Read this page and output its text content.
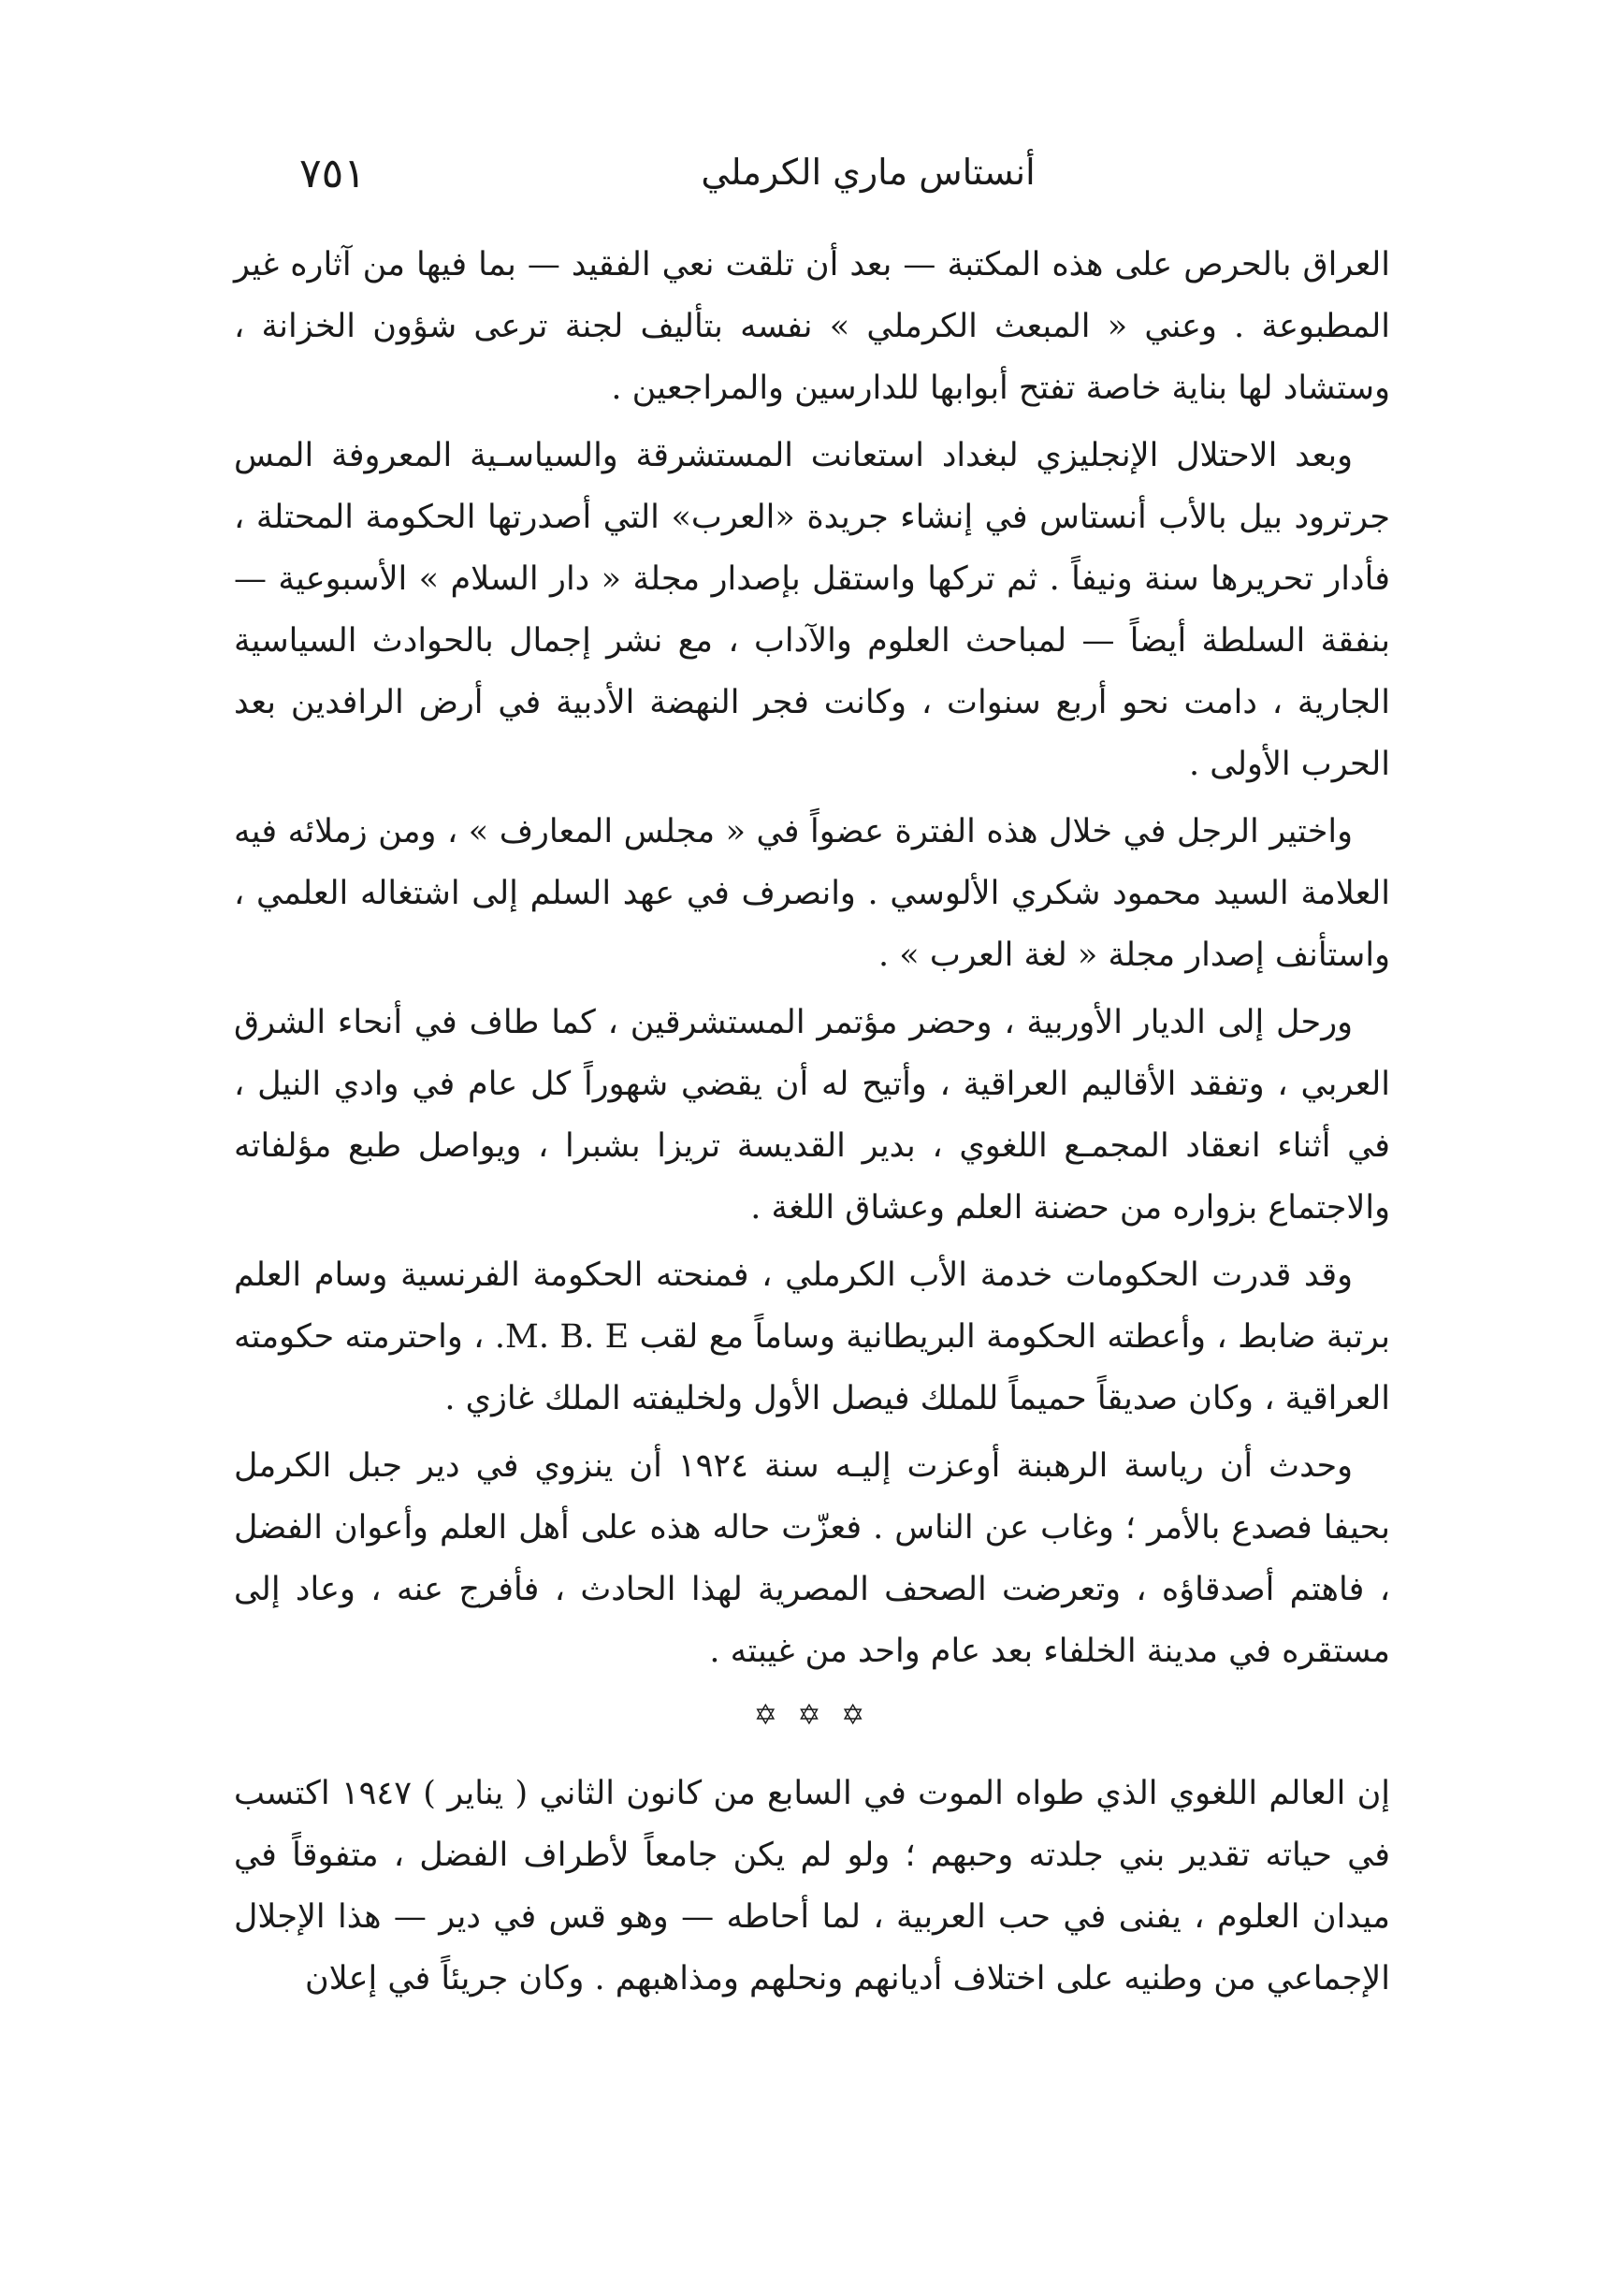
أنستاس ماري الكرملي
٧٥١

العراق بالحرص على هذه المكتبة — بعد أن تلقت نعي الفقيد — بما فيها من آثاره غير المطبوعة . وعني « المبعث الكرملي » نفسه بتأليف لجنة ترعى شؤون الخزانة ، وستشاد لها بناية خاصة تفتح أبوابها للدارسين والمراجعين .

وبعد الاحتلال الإنجليزي لبغداد استعانت المستشرقة والسياسـية المعروفة المس جرترود بيل بالأب أنستاس في إنشاء جريدة «العرب» التي أصدرتها الحكومة المحتلة ، فأدار تحريرها سنة ونيفاً . ثم تركها واستقل بإصدار مجلة « دار السلام » الأسبوعية — بنفقة السلطة أيضاً — لمباحث العلوم والآداب ، مع نشر إجمال بالحوادث السياسية الجارية ، دامت نحو أربع سنوات ، وكانت فجر النهضة الأدبية في أرض الرافدين بعد الحرب الأولى .

واختير الرجل في خلال هذه الفترة عضواً في « مجلس المعارف » ، ومن زملائه فيه العلامة السيد محمود شكري الألوسي . وانصرف في عهد السلم إلى اشتغاله العلمي ، واستأنف إصدار مجلة « لغة العرب » .

ورحل إلى الديار الأوربية ، وحضر مؤتمر المستشرقين ، كما طاف في أنحاء الشرق العربي ، وتفقد الأقاليم العراقية ، وأتيح له أن يقضي شهوراً كل عام في وادي النيل ، في أثناء انعقاد المجمـع اللغوي ، بدير القديسة تريزا بشبرا ، ويواصل طبع مؤلفاته والاجتماع بزواره من حضنة العلم وعشاق اللغة .

وقد قدرت الحكومات خدمة الأب الكرملي ، فمنحته الحكومة الفرنسية وسام العلم برتبة ضابط ، وأعطته الحكومة البريطانية وساماً مع لقب M. B. E. ، واحترمته حكومته العراقية ، وكان صديقاً حميماً للملك فيصل الأول ولخليفته الملك غازي .

وحدث أن رياسة الرهبنة أوعزت إليـه سنة ١٩٢٤ أن ينزوي في دير جبل الكرمل بحيفا فصدع بالأمر ؛ وغاب عن الناس . فعزّت حاله هذه على أهل العلم وأعوان الفضل ، فاهتم أصدقاؤه ، وتعرضت الصحف المصرية لهذا الحادث ، فأفرج عنه ، وعاد إلى مستقره في مدينة الخلفاء بعد عام واحد من غيبته .

✡ ✡ ✡

إن العالم اللغوي الذي طواه الموت في السابع من كانون الثاني ( يناير ) ١٩٤٧ اكتسب في حياته تقدير بني جلدته وحبهم ؛ ولو لم يكن جامعاً لأطراف الفضل ، متفوقاً في ميدان العلوم ، يفنى في حب العربية ، لما أحاطه — وهو قس في دير — هذا الإجلال الإجماعي من وطنيه على اختلاف أديانهم ونحلهم ومذاهبهم . وكان جريئاً في إعلان
